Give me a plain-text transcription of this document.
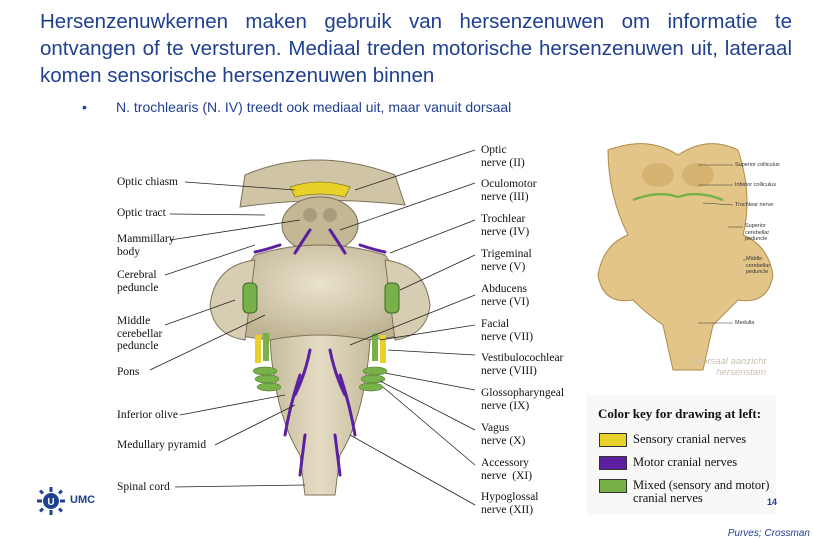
Hersenzenuwkernen maken gebruik van hersenzenuwen om informatie te ontvangen of te versturen. Mediaal treden motorische hersenzenuwen uit, lateraal komen sensorische hersenzenuwen binnen
• N. trochlearis (N. IV) treedt ook mediaal uit, maar vanuit dorsaal
Optic chiasm
Optic tract
Mammillary
body
Cerebral
peduncle
Middle
cerebellar
peduncle
Pons
Inferior olive
Medullary pyramid
Spinal cord
Optic
nerve (II)
Oculomotor
nerve (III)
Trochlear
nerve (IV)
Trigeminal
nerve (V)
Abducens
nerve (VI)
Facial
nerve (VII)
Vestibulocochlear
nerve (VIII)
Glossopharyngeal
nerve (IX)
Vagus
nerve (X)
Accessory
nerve  (XI)
Hypoglossal
nerve (XII)
Superior colliculus
Inferior colliculus
Trochlear nerve
Superior
cerebellar
peduncle
Middle
cerebellar
peduncle
Medulla
Dorsaal aanzicht
hersenstam
Color key for drawing at left:
Sensory cranial nerves
Motor cranial nerves
Mixed (sensory and motor)
cranial nerves
U UMC	14
Purves; Crossman
